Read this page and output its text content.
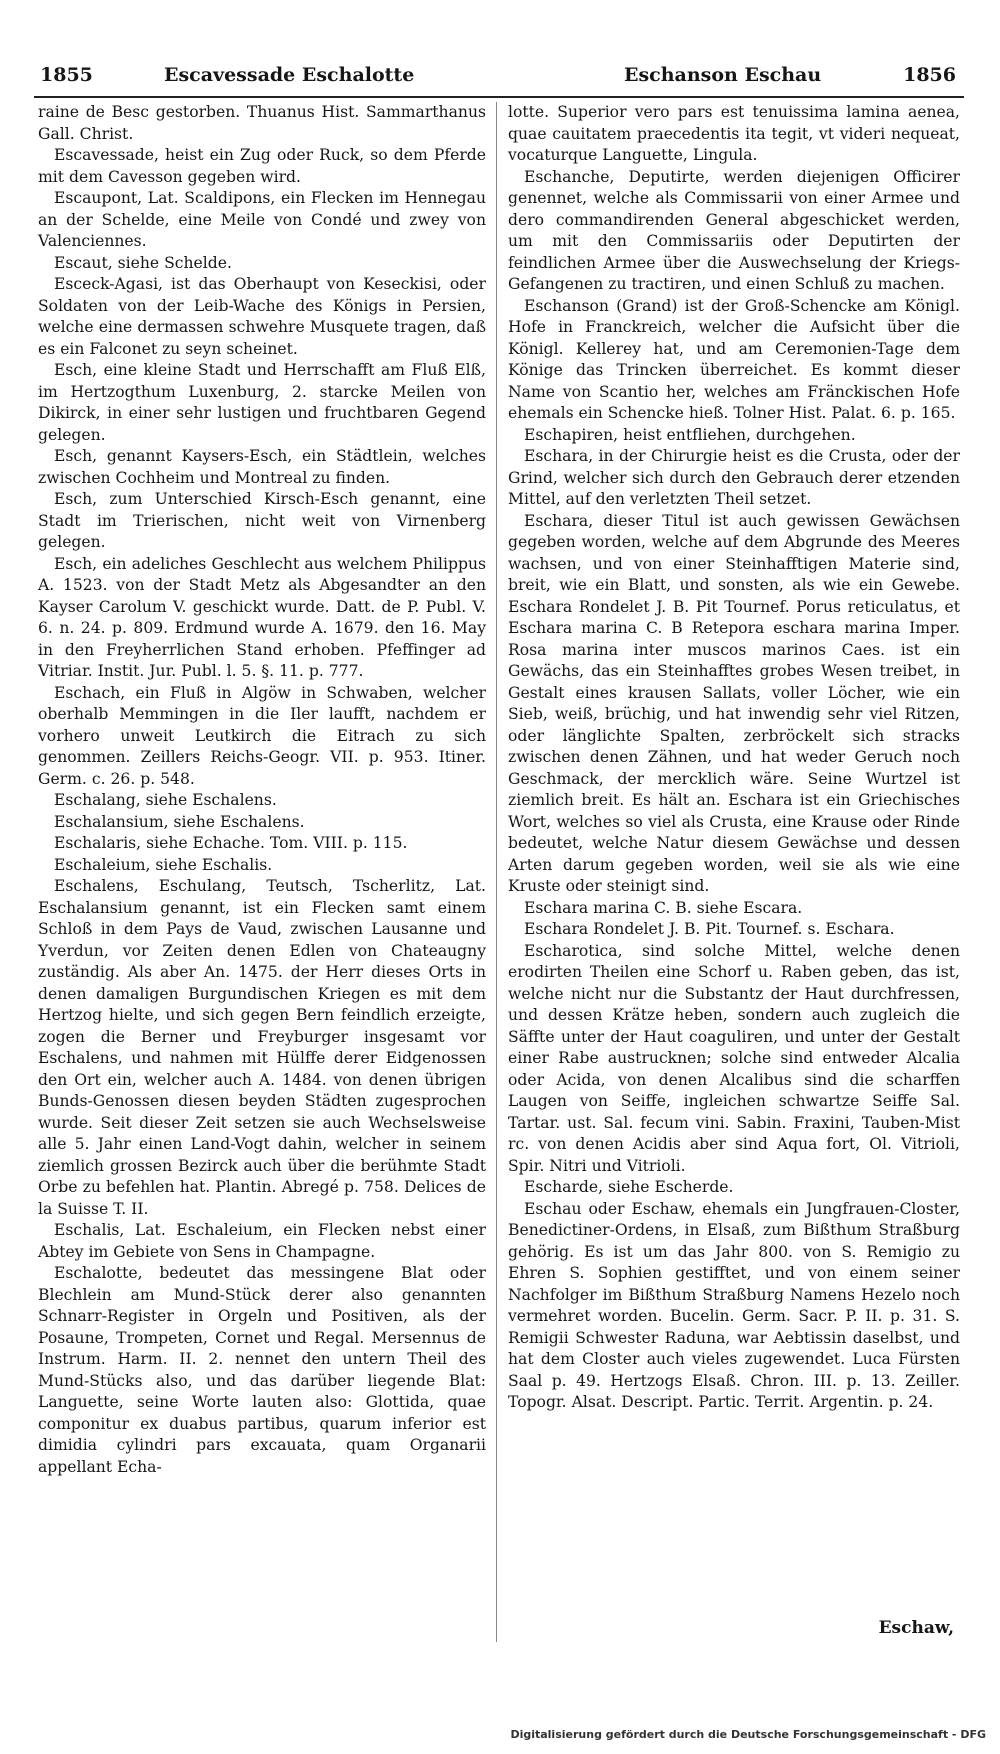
1855	Escavessade Eschalotte	Eschanson Eschau	1856

raine de Besc gestorben. Thuanus Hist. Sammarthanus Gall. Christ.

Escavessade, heist ein Zug oder Ruck, so dem Pferde mit dem Cavesson gegeben wird.

Escaupont, Lat. Scaldipons, ein Flecken im Hennegau an der Schelde, eine Meile von Condé und zwey von Valenciennes.

Escaut, siehe Schelde.

Esceck-Agasi, ist das Oberhaupt von Keseckisi, oder Soldaten von der Leib-Wache des Königs in Persien, welche eine dermassen schwehre Musquete tragen, daß es ein Falconet zu seyn scheinet.

Esch, eine kleine Stadt und Herrschafft am Fluß Elß, im Hertzogthum Luxenburg, 2. starcke Meilen von Dikirck, in einer sehr lustigen und fruchtbaren Gegend gelegen.

Esch, genannt Kaysers-Esch, ein Städtlein, welches zwischen Cochheim und Montreal zu finden.

Esch, zum Unterschied Kirsch-Esch genannt, eine Stadt im Trierischen, nicht weit von Virnenberg gelegen.

Esch, ein adeliches Geschlecht aus welchem Philippus A. 1523. von der Stadt Metz als Abgesandter an den Kayser Carolum V. geschickt wurde. Datt. de P. Publ. V. 6. n. 24. p. 809. Erdmund wurde A. 1679. den 16. May in den Freyherrlichen Stand erhoben. Pfeffinger ad Vitriar. Instit. Jur. Publ. l. 5. §. 11. p. 777.

Eschach, ein Fluß in Algöw in Schwaben, welcher oberhalb Memmingen in die Iler laufft, nachdem er vorhero unweit Leutkirch die Eitrach zu sich genommen. Zeillers Reichs-Geogr. VII. p. 953. Itiner. Germ. c. 26. p. 548.

Eschalang, siehe Eschalens.

Eschalansium, siehe Eschalens.

Eschalaris, siehe Echache. Tom. VIII. p. 115.

Eschaleium, siehe Eschalis.

Eschalens, Eschulang, Teutsch, Tscherlitz, Lat. Eschalansium genannt, ist ein Flecken samt einem Schloß in dem Pays de Vaud, zwischen Lausanne und Yverdun, vor Zeiten denen Edlen von Chateaugny zuständig. Als aber An. 1475. der Herr dieses Orts in denen damaligen Burgundischen Kriegen es mit dem Hertzog hielte, und sich gegen Bern feindlich erzeigte, zogen die Berner und Freyburger insgesamt vor Eschalens, und nahmen mit Hülffe derer Eidgenossen den Ort ein, welcher auch A. 1484. von denen übrigen Bunds-Genossen diesen beyden Städten zugesprochen wurde. Seit dieser Zeit setzen sie auch Wechselsweise alle 5. Jahr einen Land-Vogt dahin, welcher in seinem ziemlich grossen Bezirck auch über die berühmte Stadt Orbe zu befehlen hat. Plantin. Abregé p. 758. Delices de la Suisse T. II.

Eschalis, Lat. Eschaleium, ein Flecken nebst einer Abtey im Gebiete von Sens in Champagne.

Eschalotte, bedeutet das messingene Blat oder Blechlein am Mund-Stück derer also genannten Schnarr-Register in Orgeln und Positiven, als der Posaune, Trompeten, Cornet und Regal. Mersennus de Instrum. Harm. II. 2. nennet den untern Theil des Mund-Stücks also, und das darüber liegende Blat: Languette, seine Worte lauten also: Glottida, quae componitur ex duabus partibus, quarum inferior est dimidia cylindri pars excauata, quam Organarii appellant Echa-

lotte. Superior vero pars est tenuissima lamina aenea, quae cauitatem praecedentis ita tegit, vt videri nequeat, vocaturque Languette, Lingula.

Eschanche, Deputirte, werden diejenigen Officirer genennet, welche als Commissarii von einer Armee und dero commandirenden General abgeschicket werden, um mit den Commissariis oder Deputirten der feindlichen Armee über die Auswechselung der Kriegs-Gefangenen zu tractiren, und einen Schluß zu machen.

Eschanson (Grand) ist der Groß-Schencke am Königl. Hofe in Franckreich, welcher die Aufsicht über die Königl. Kellerey hat, und am Ceremonien-Tage dem Könige das Trincken überreichet. Es kommt dieser Name von Scantio her, welches am Fränckischen Hofe ehemals ein Schencke hieß. Tolner Hist. Palat. 6. p. 165.

Eschapiren, heist entfliehen, durchgehen.

Eschara, in der Chirurgie heist es die Crusta, oder der Grind, welcher sich durch den Gebrauch derer etzenden Mittel, auf den verletzten Theil setzet.

Eschara, dieser Titul ist auch gewissen Gewächsen gegeben worden, welche auf dem Abgrunde des Meeres wachsen, und von einer Steinhafftigen Materie sind, breit, wie ein Blatt, und sonsten, als wie ein Gewebe. Eschara Rondelet J. B. Pit Tournef. Porus reticulatus, et Eschara marina C. B Retepora eschara marina Imper. Rosa marina inter muscos marinos Caes. ist ein Gewächs, das ein Steinhafftes grobes Wesen treibet, in Gestalt eines krausen Sallats, voller Löcher, wie ein Sieb, weiß, brüchig, und hat inwendig sehr viel Ritzen, oder länglichte Spalten, zerbröckelt sich stracks zwischen denen Zähnen, und hat weder Geruch noch Geschmack, der mercklich wäre. Seine Wurtzel ist ziemlich breit. Es hält an. Eschara ist ein Griechisches Wort, welches so viel als Crusta, eine Krause oder Rinde bedeutet, welche Natur diesem Gewächse und dessen Arten darum gegeben worden, weil sie als wie eine Kruste oder steinigt sind.

Eschara marina C. B. siehe Escara.

Eschara Rondelet J. B. Pit. Tournef. s. Eschara.

Escharotica, sind solche Mittel, welche denen erodirten Theilen eine Schorf u. Raben geben, das ist, welche nicht nur die Substantz der Haut durchfressen, und dessen Krätze heben, sondern auch zugleich die Säffte unter der Haut coaguliren, und unter der Gestalt einer Rabe austrucknen; solche sind entweder Alcalia oder Acida, von denen Alcalibus sind die scharffen Laugen von Seiffe, ingleichen schwartze Seiffe Sal. Tartar. ust. Sal. fecum vini. Sabin. Fraxini, Tauben-Mist rc. von denen Acidis aber sind Aqua fort, Ol. Vitrioli, Spir. Nitri und Vitrioli.

Escharde, siehe Escherde.

Eschau oder Eschaw, ehemals ein Jungfrauen-Closter, Benedictiner-Ordens, in Elsaß, zum Bißthum Straßburg gehörig. Es ist um das Jahr 800. von S. Remigio zu Ehren S. Sophien gestifftet, und von einem seiner Nachfolger im Bißthum Straßburg Namens Hezelo noch vermehret worden. Bucelin. Germ. Sacr. P. II. p. 31. S. Remigii Schwester Raduna, war Aebtissin daselbst, und hat dem Closter auch vieles zugewendet. Luca Fürsten Saal p. 49. Hertzogs Elsaß. Chron. III. p. 13. Zeiller. Topogr. Alsat. Descript. Partic. Territ. Argentin. p. 24.

Eschaw,
Digitalisierung gefördert durch die Deutsche Forschungsgemeinschaft - DFG
